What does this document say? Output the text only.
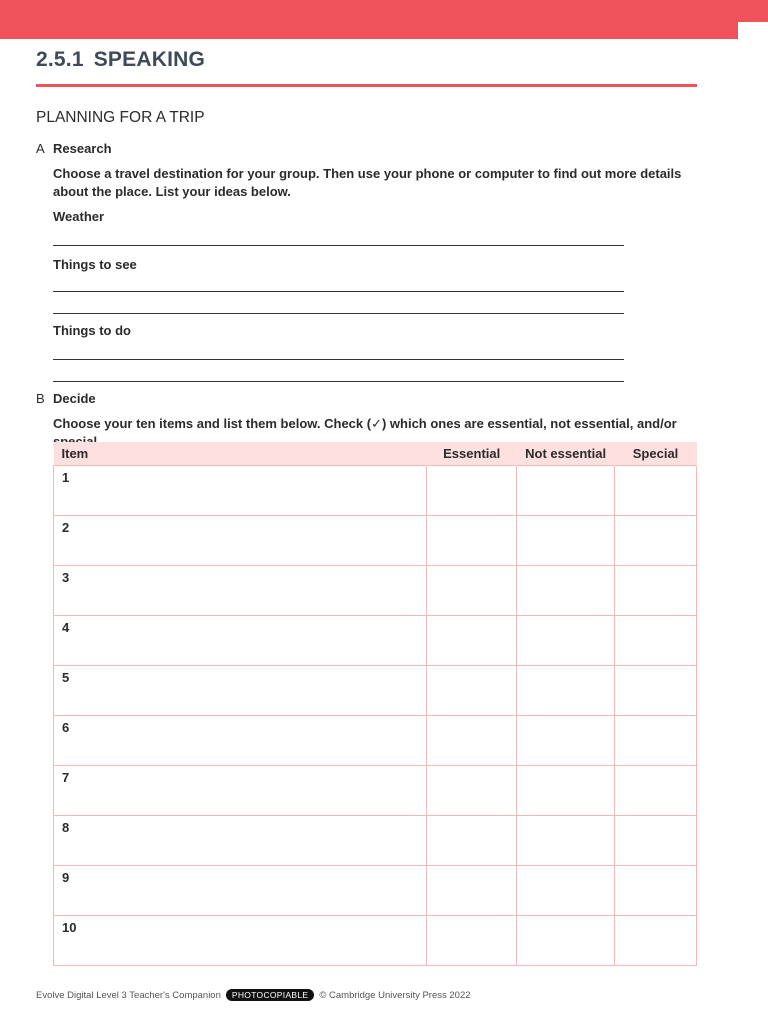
2.5.1 SPEAKING
PLANNING FOR A TRIP
A Research
Choose a travel destination for your group. Then use your phone or computer to find out more details about the place. List your ideas below.
Weather
Things to see
Things to do
B Decide
Choose your ten items and list them below. Check (✓) which ones are essential, not essential, and/or
Item	Essential	Not essential	Special
1			
2			
3			
4			
5			
6			
7			
8			
9			
10			
Evolve Digital Level 3 Teacher's Companion	PHOTOCOPIABLE	© Cambridge University Press 2022
